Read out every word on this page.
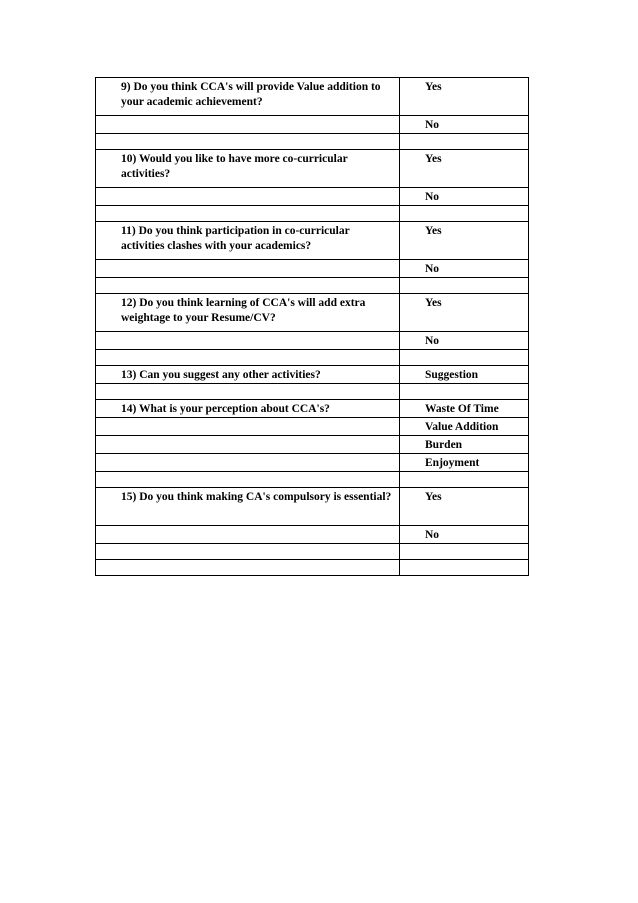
9) Do you think CCA's will provide Value addition to your academic achievement?	Yes
	No

10) Would you like to have more co-curricular activities?	Yes
	No

11) Do you think participation in co-curricular activities clashes with your academics?	Yes
	No

12) Do you think learning of CCA's will add extra weightage to your Resume/CV?	Yes
	No

13) Can you suggest any other activities?	Suggestion

14) What is your perception about CCA's?	Waste Of Time
	Value Addition
	Burden
	Enjoyment

15) Do you think making CA's compulsory is essential?	Yes
	No
